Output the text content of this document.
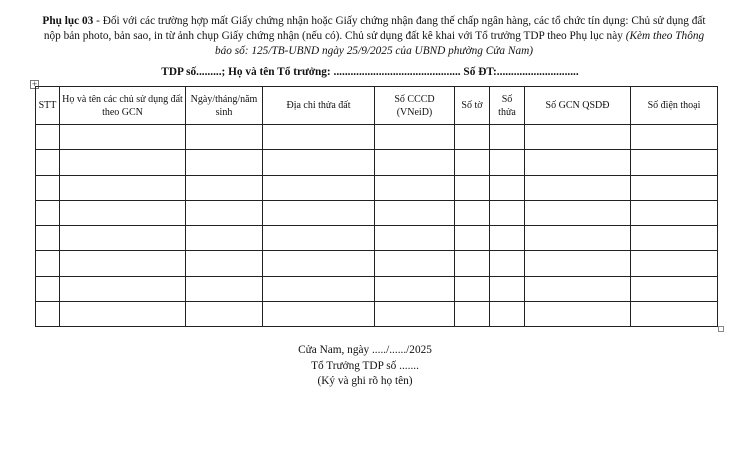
Phụ lục 03 - Đối với các trường hợp mất Giấy chứng nhận hoặc Giấy chứng nhận đang thế chấp ngân hàng, các tổ chức tín dụng: Chủ sử dụng đất nộp bản photo, bản sao, in từ ảnh chụp Giấy chứng nhận (nếu có). Chủ sử dụng đất kê khai với Tổ trưởng TDP theo Phụ lục này (Kèm theo Thông báo số: 125/TB-UBND ngày 25/9/2025 của UBND phường Cửa Nam)
TDP số.........; Họ và tên Tổ trưởng: ............................................. Số ĐT:.............................
+
STT	Họ và tên các chủ sử dụng đất theo GCN	Ngày/tháng/năm sinh	Địa chỉ thửa đất	Số CCCD (VNeiD)	Số tờ	Số thửa	Số GCN QSDĐ	Số điện thoại

Cửa Nam, ngày ...../....../2025
Tổ Trưởng TDP số .......
(Ký và ghi rõ họ tên)
